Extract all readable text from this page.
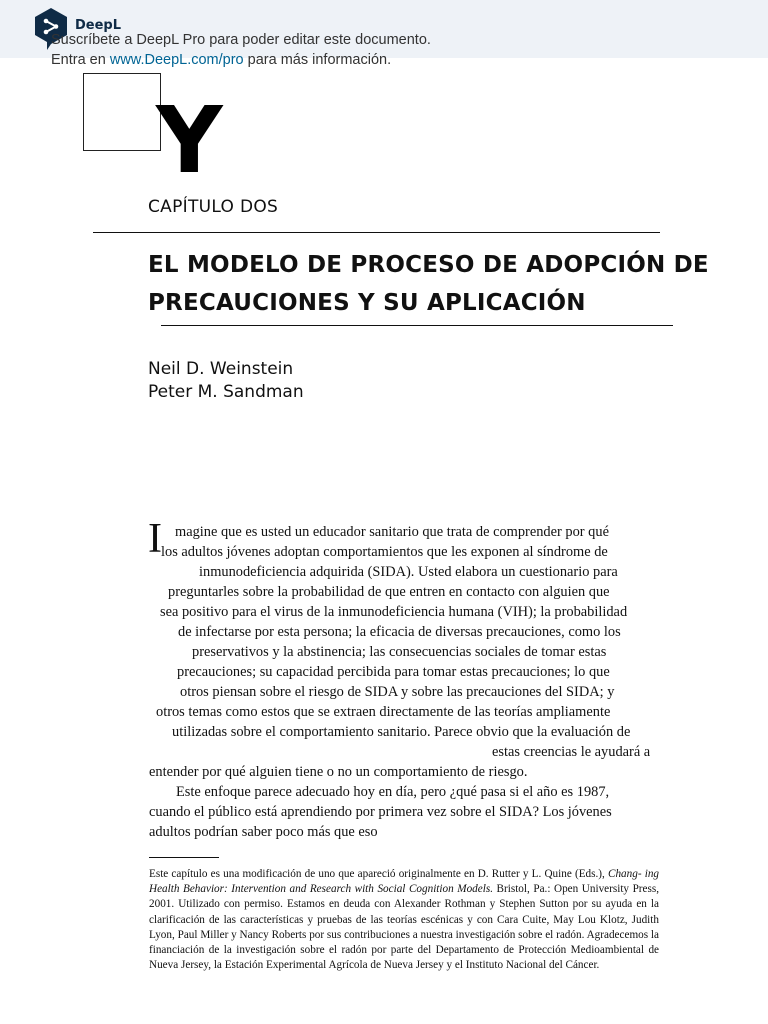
DeepL
Suscríbete a DeepL Pro para poder editar este documento.
Entra en www.DeepL.com/pro para más información.
Y
CAPÍTULO DOS
EL MODELO DE PROCESO DE ADOPCIÓN DE
PRECAUCIONES Y SU APLICACIÓN
Neil D. Weinstein
Peter M. Sandman
I magine que es usted un educador sanitario que trata de comprender por qué
los adultos jóvenes adoptan comportamientos que les exponen al síndrome de
inmunodeficiencia adquirida (SIDA). Usted elabora un cuestionario para
preguntarles sobre la probabilidad de que entren en contacto con alguien que
sea positivo para el virus de la inmunodeficiencia humana (VIH); la probabilidad
de infectarse por esta persona; la eficacia de diversas precauciones, como los
preservativos y la abstinencia; las consecuencias sociales de tomar estas
precauciones; su capacidad percibida para tomar estas precauciones; lo que
otros piensan sobre el riesgo de SIDA y sobre las precauciones del SIDA; y
otros temas como estos que se extraen directamente de las teorías ampliamente
utilizadas sobre el comportamiento sanitario. Parece obvio que la evaluación de
estas creencias le ayudará a
entender por qué alguien tiene o no un comportamiento de riesgo.
Este enfoque parece adecuado hoy en día, pero ¿qué pasa si el año es 1987,
cuando el público está aprendiendo por primera vez sobre el SIDA? Los jóvenes
adultos podrían saber poco más que eso
Este capítulo es una modificación de uno que apareció originalmente en D. Rutter y L. Quine (Eds.), Chang- ing Health Behavior: Intervention and Research with Social Cognition Models. Bristol, Pa.: Open University Press, 2001. Utilizado con permiso. Estamos en deuda con Alexander Rothman y Stephen Sutton por su ayuda en la clarificación de las características y pruebas de las teorías escénicas y con Cara Cuite, May Lou Klotz, Judith Lyon, Paul Miller y Nancy Roberts por sus contribuciones a nuestra investigación sobre el radón. Agradecemos la financiación de la investigación sobre el radón por parte del Departamento de Protección Medioambiental de Nueva Jersey, la Estación Experimental Agrícola de Nueva Jersey y el Instituto Nacional del Cáncer.
